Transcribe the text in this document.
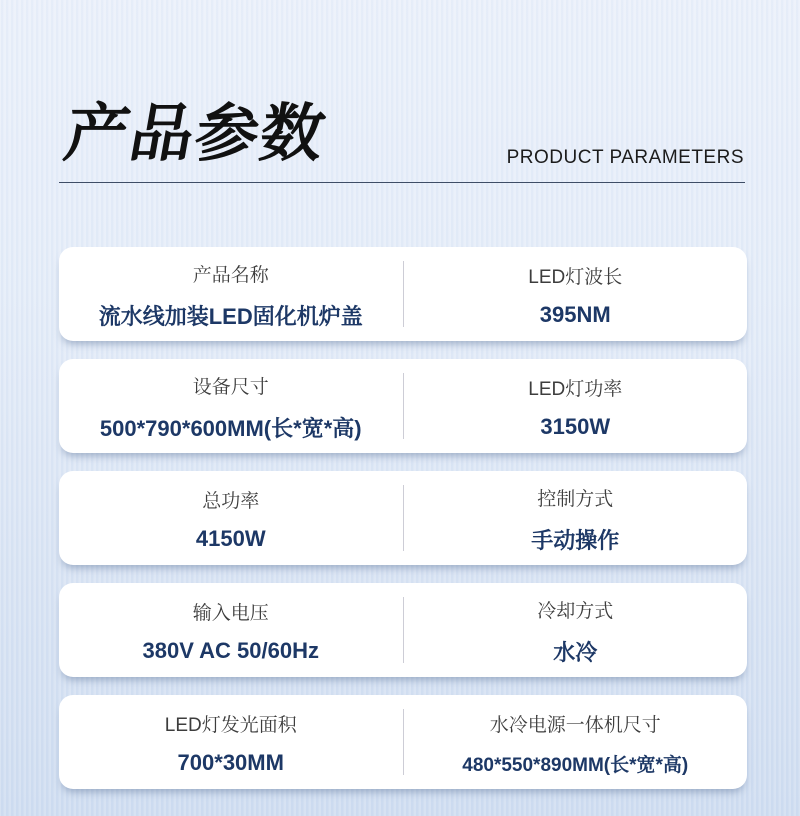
产品参数	PRODUCT PARAMETERS
产品名称
流水线加装LED固化机炉盖
LED灯波长
395NM
设备尺寸
500*790*600MM(长*宽*高)
LED灯功率
3150W
总功率
4150W
控制方式
手动操作
输入电压
380V AC 50/60Hz
冷却方式
水冷
LED灯发光面积
700*30MM
水冷电源一体机尺寸
480*550*890MM(长*宽*高)
